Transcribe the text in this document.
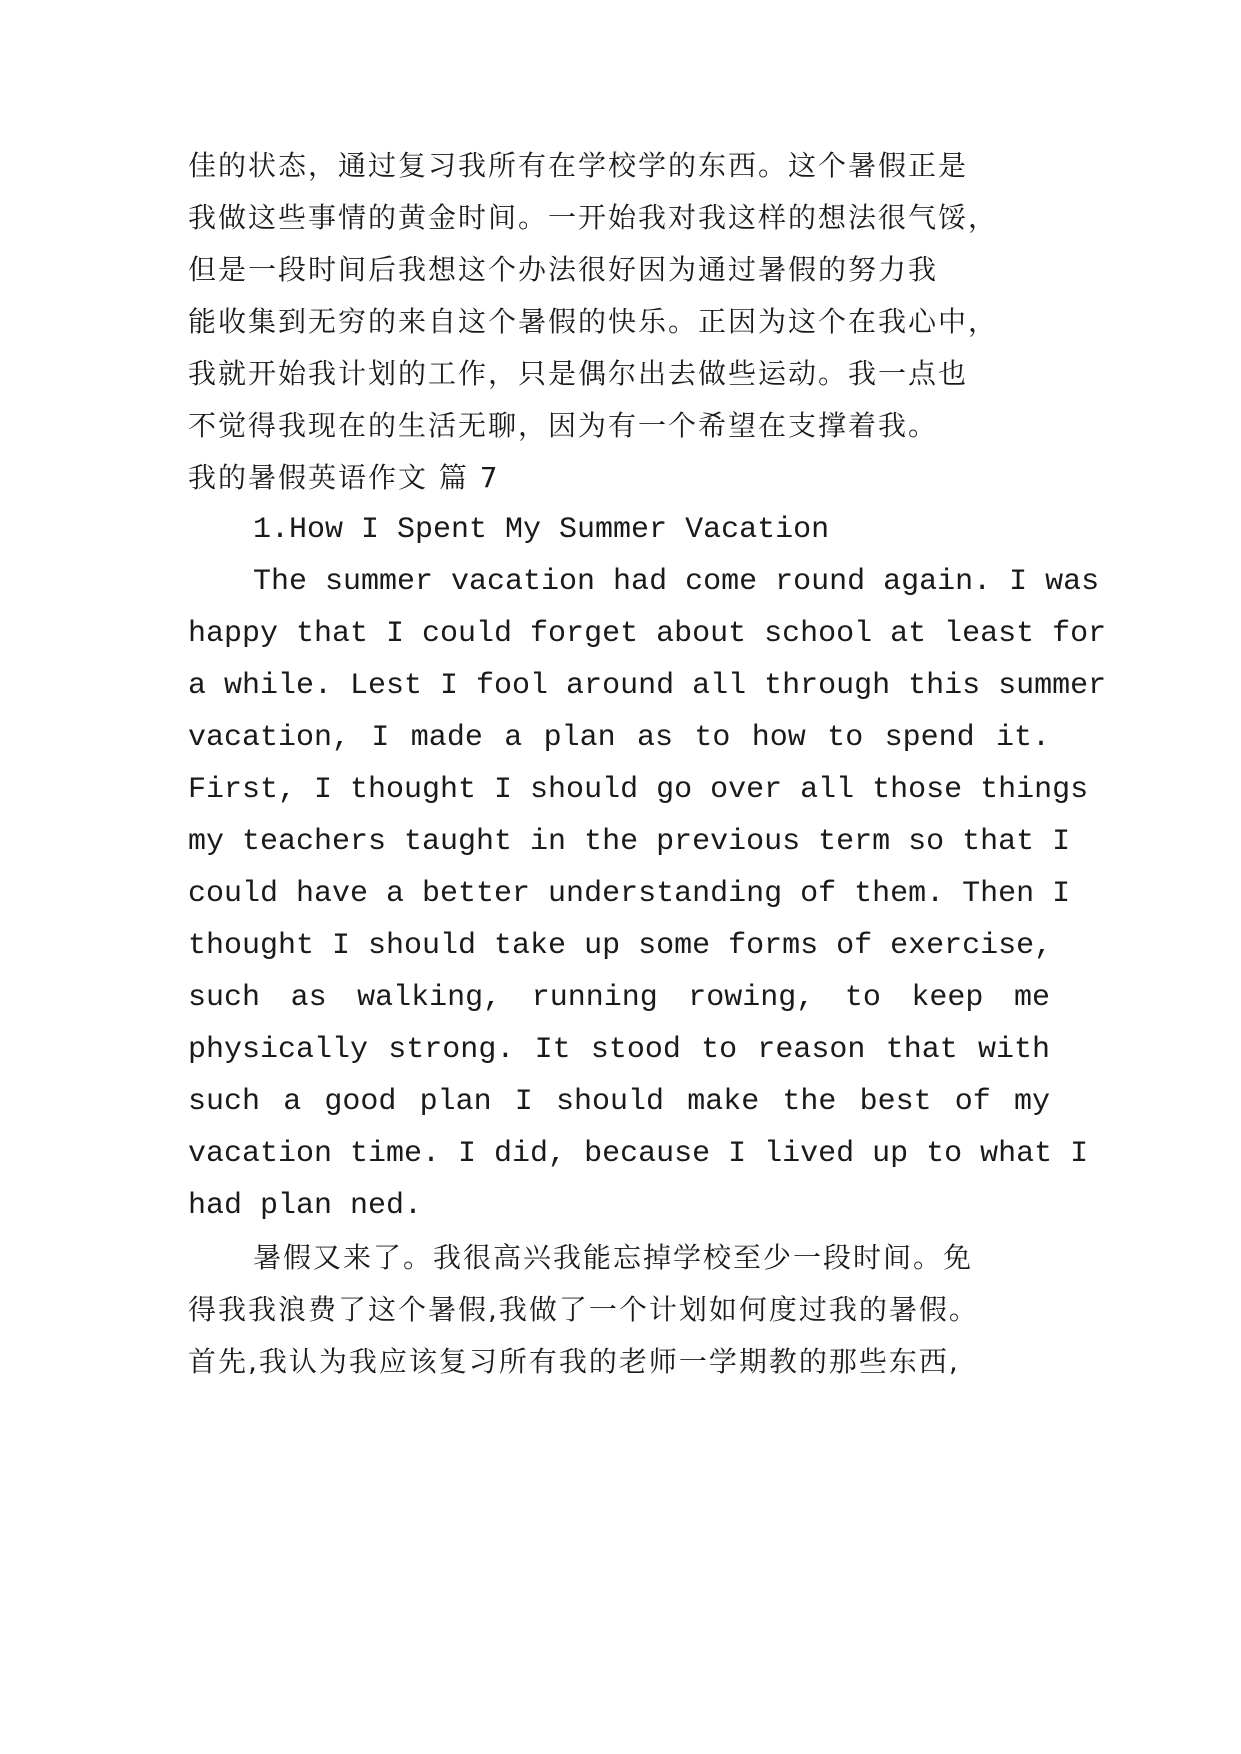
佳的状态，通过复习我所有在学校学的东西。这个暑假正是
我做这些事情的黄金时间。一开始我对我这样的想法很气馁，
但是一段时间后我想这个办法很好因为通过暑假的努力我
能收集到无穷的来自这个暑假的快乐。正因为这个在我心中，
我就开始我计划的工作，只是偶尔出去做些运动。我一点也
不觉得我现在的生活无聊，因为有一个希望在支撑着我。
我的暑假英语作文 篇 7
1.How I Spent My Summer Vacation
The summer vacation had come round again. I was
happy that I could forget about school at least for
a while. Lest I fool around all through this summer
vacation, I made a plan as to how to spend it.
First, I thought I should go over all those things
my teachers taught in the previous term so that I
could have a better understanding of them. Then I
thought I should take up some forms of exercise,
such as walking, running rowing, to keep me
physically strong. It stood to reason that with
such a good plan I should make the best of my
vacation time. I did, because I lived up to what I
had plan ned.
暑假又来了。我很高兴我能忘掉学校至少一段时间。免
得我我浪费了这个暑假,我做了一个计划如何度过我的暑假。
首先,我认为我应该复习所有我的老师一学期教的那些东西,
